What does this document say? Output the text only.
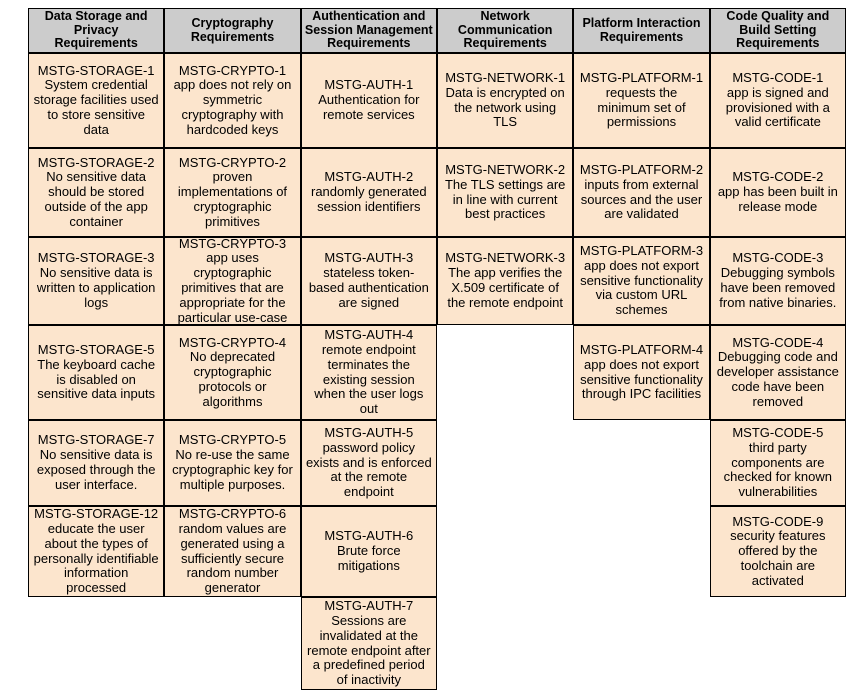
Data Storage and Privacy Requirements
MSTG-STORAGE-1
System credential storage facilities used to store sensitive data
MSTG-STORAGE-2
No sensitive data should be stored outside of the app container
MSTG-STORAGE-3
No sensitive data is written to application logs
MSTG-STORAGE-5
The keyboard cache is disabled on sensitive data inputs
MSTG-STORAGE-7
No sensitive data is exposed through the user interface.
MSTG-STORAGE-12
educate the user about the types of personally identifiable information processed
Cryptography Requirements
MSTG-CRYPTO-1
app does not rely on symmetric cryptography with hardcoded keys
MSTG-CRYPTO-2
proven implementations of cryptographic primitives
MSTG-CRYPTO-3
app uses cryptographic primitives that are appropriate for the particular use-case
MSTG-CRYPTO-4
No deprecated cryptographic protocols or algorithms
MSTG-CRYPTO-5
No re-use the same cryptographic key for multiple purposes.
MSTG-CRYPTO-6
random values are generated using a sufficiently secure random number generator
Authentication and Session Management Requirements
MSTG-AUTH-1
Authentication for remote services
MSTG-AUTH-2
randomly generated session identifiers
MSTG-AUTH-3
stateless token-based authentication are signed
MSTG-AUTH-4
remote endpoint terminates the existing session when the user logs out
MSTG-AUTH-5
password policy exists and is enforced at the remote endpoint
MSTG-AUTH-6
Brute force mitigations
MSTG-AUTH-7
Sessions are invalidated at the remote endpoint after a predefined period of inactivity
Network Communication Requirements
MSTG-NETWORK-1
Data is encrypted on the network using TLS
MSTG-NETWORK-2
The TLS settings are in line with current best practices
MSTG-NETWORK-3
The app verifies the X.509 certificate of the remote endpoint
Platform Interaction Requirements
MSTG-PLATFORM-1
requests the minimum set of permissions
MSTG-PLATFORM-2
inputs from external sources and the user are validated
MSTG-PLATFORM-3
app does not export sensitive functionality via custom URL schemes
MSTG-PLATFORM-4
app does not export sensitive functionality through IPC facilities
Code Quality and Build Setting Requirements
MSTG-CODE-1
app is signed and provisioned with a valid certificate
MSTG-CODE-2
app has been built in release mode
MSTG-CODE-3
Debugging symbols have been removed from native binaries.
MSTG-CODE-4
Debugging code and developer assistance code have been removed
MSTG-CODE-5
third party components are checked for known vulnerabilities
MSTG-CODE-9
security features offered by the toolchain are activated
